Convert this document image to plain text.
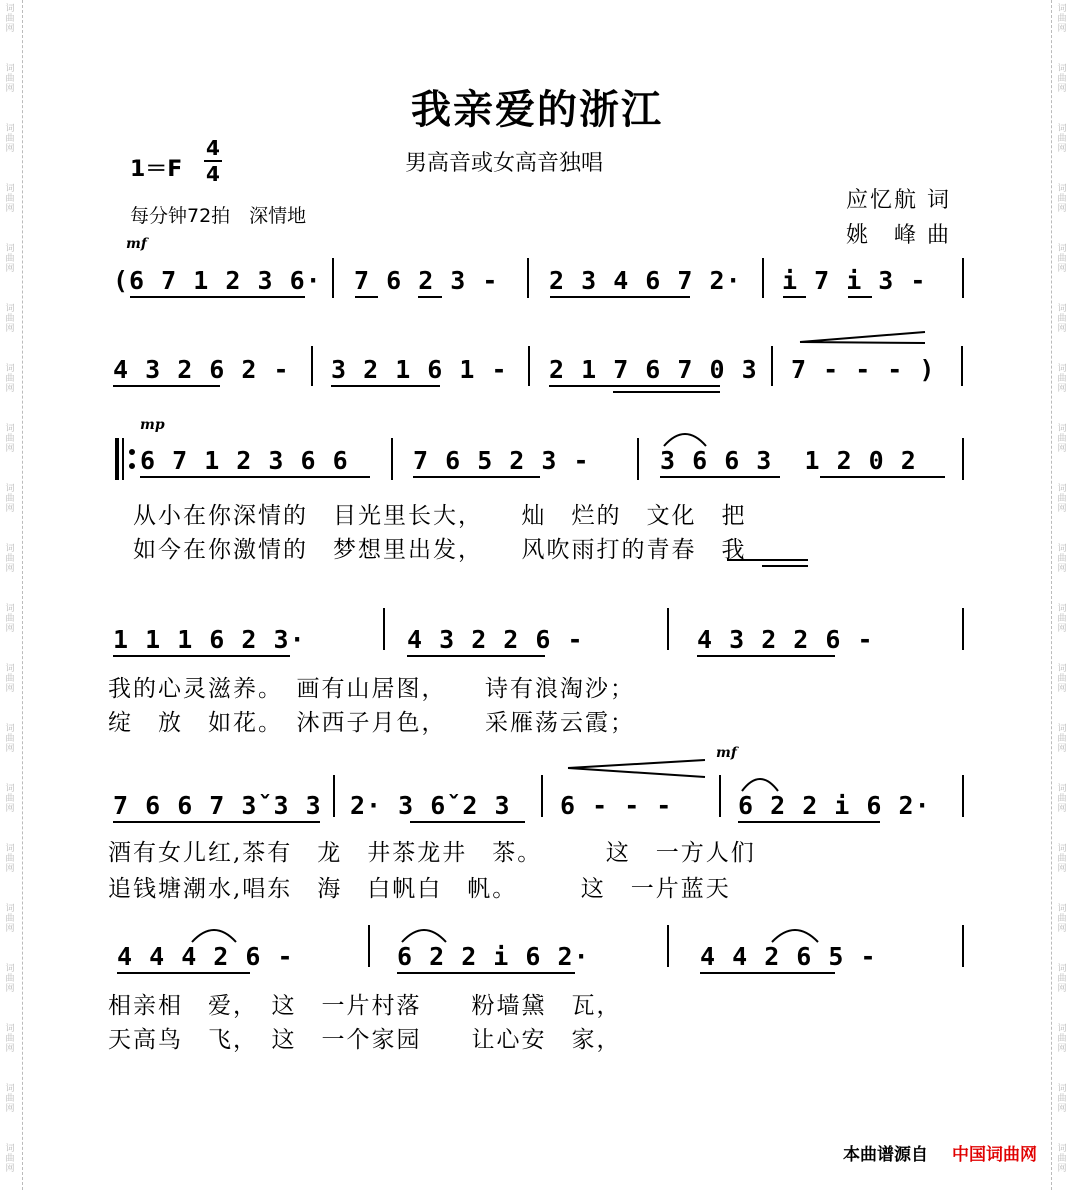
词
曲
网
词
曲
网
词
曲
网
词
曲
网
词
曲
网
词
曲
网
词
曲
网
词
曲
网
词
曲
网
词
曲
网
词
曲
网
词
曲
网
词
曲
网
词
曲
网
词
曲
网
词
曲
网
词
曲
网
词
曲
网
词
曲
网
词
曲
网
词
曲
网
词
曲
网
词
曲
网
词
曲
网
词
曲
网
词
曲
网
词
曲
网
词
曲
网
词
曲
网
词
曲
网
词
曲
网
词
曲
网
词
曲
网
词
曲
网
词
曲
网
词
曲
网
词
曲
网
词
曲
网
词
曲
网
词
曲
网
我亲爱的浙江
1＝F
4
4	男高音或女高音独唱
每分钟72拍　深情地
应忆航 词
姚　峰 曲
mf
mp
mf
(6 7 1 2 3 6· 7 6 2 3 - 2 3 4 6 7 2· i 7 i 3 -
4 3 2 6 2 - 3 2 1 6 1 - 2 1 7 6 7 0 3 7 - - - )
6 7 1 2 3 6 6	7 6 5 2 3 -	3 6 6 3  1 2 0 2
从小在你深情的　目光里长大，　　灿　烂的　文化　把
如今在你激情的　梦想里出发，　　风吹雨打的青春　我
1 1 1 6 2 3·	4 3 2 2 6 -	4 3 2 2 6 -
我的心灵滋养。　画有山居图，　　诗有浪淘沙；
绽　放　如花。　沐西子月色，　　采雁荡云霞；
7 6 6 7 3ˇ3 3 2· 3 6ˇ2 3 6 - - -	6 2 2 i 6 2·
酒有女儿红,茶有　龙　井茶龙井　茶。　　　这　一方人们
追钱塘潮水,唱东　海　白帆白　帆。　　　这　一片蓝天
4 4 4 2 6 -	6 2 2 i 6 2·	4 4 2 6 5 -
相亲相　爱，　这　一片村落　　粉墙黛　瓦，
天高鸟　飞，　这　一个家园　　让心安　家，
本曲谱源自 中国词曲网
